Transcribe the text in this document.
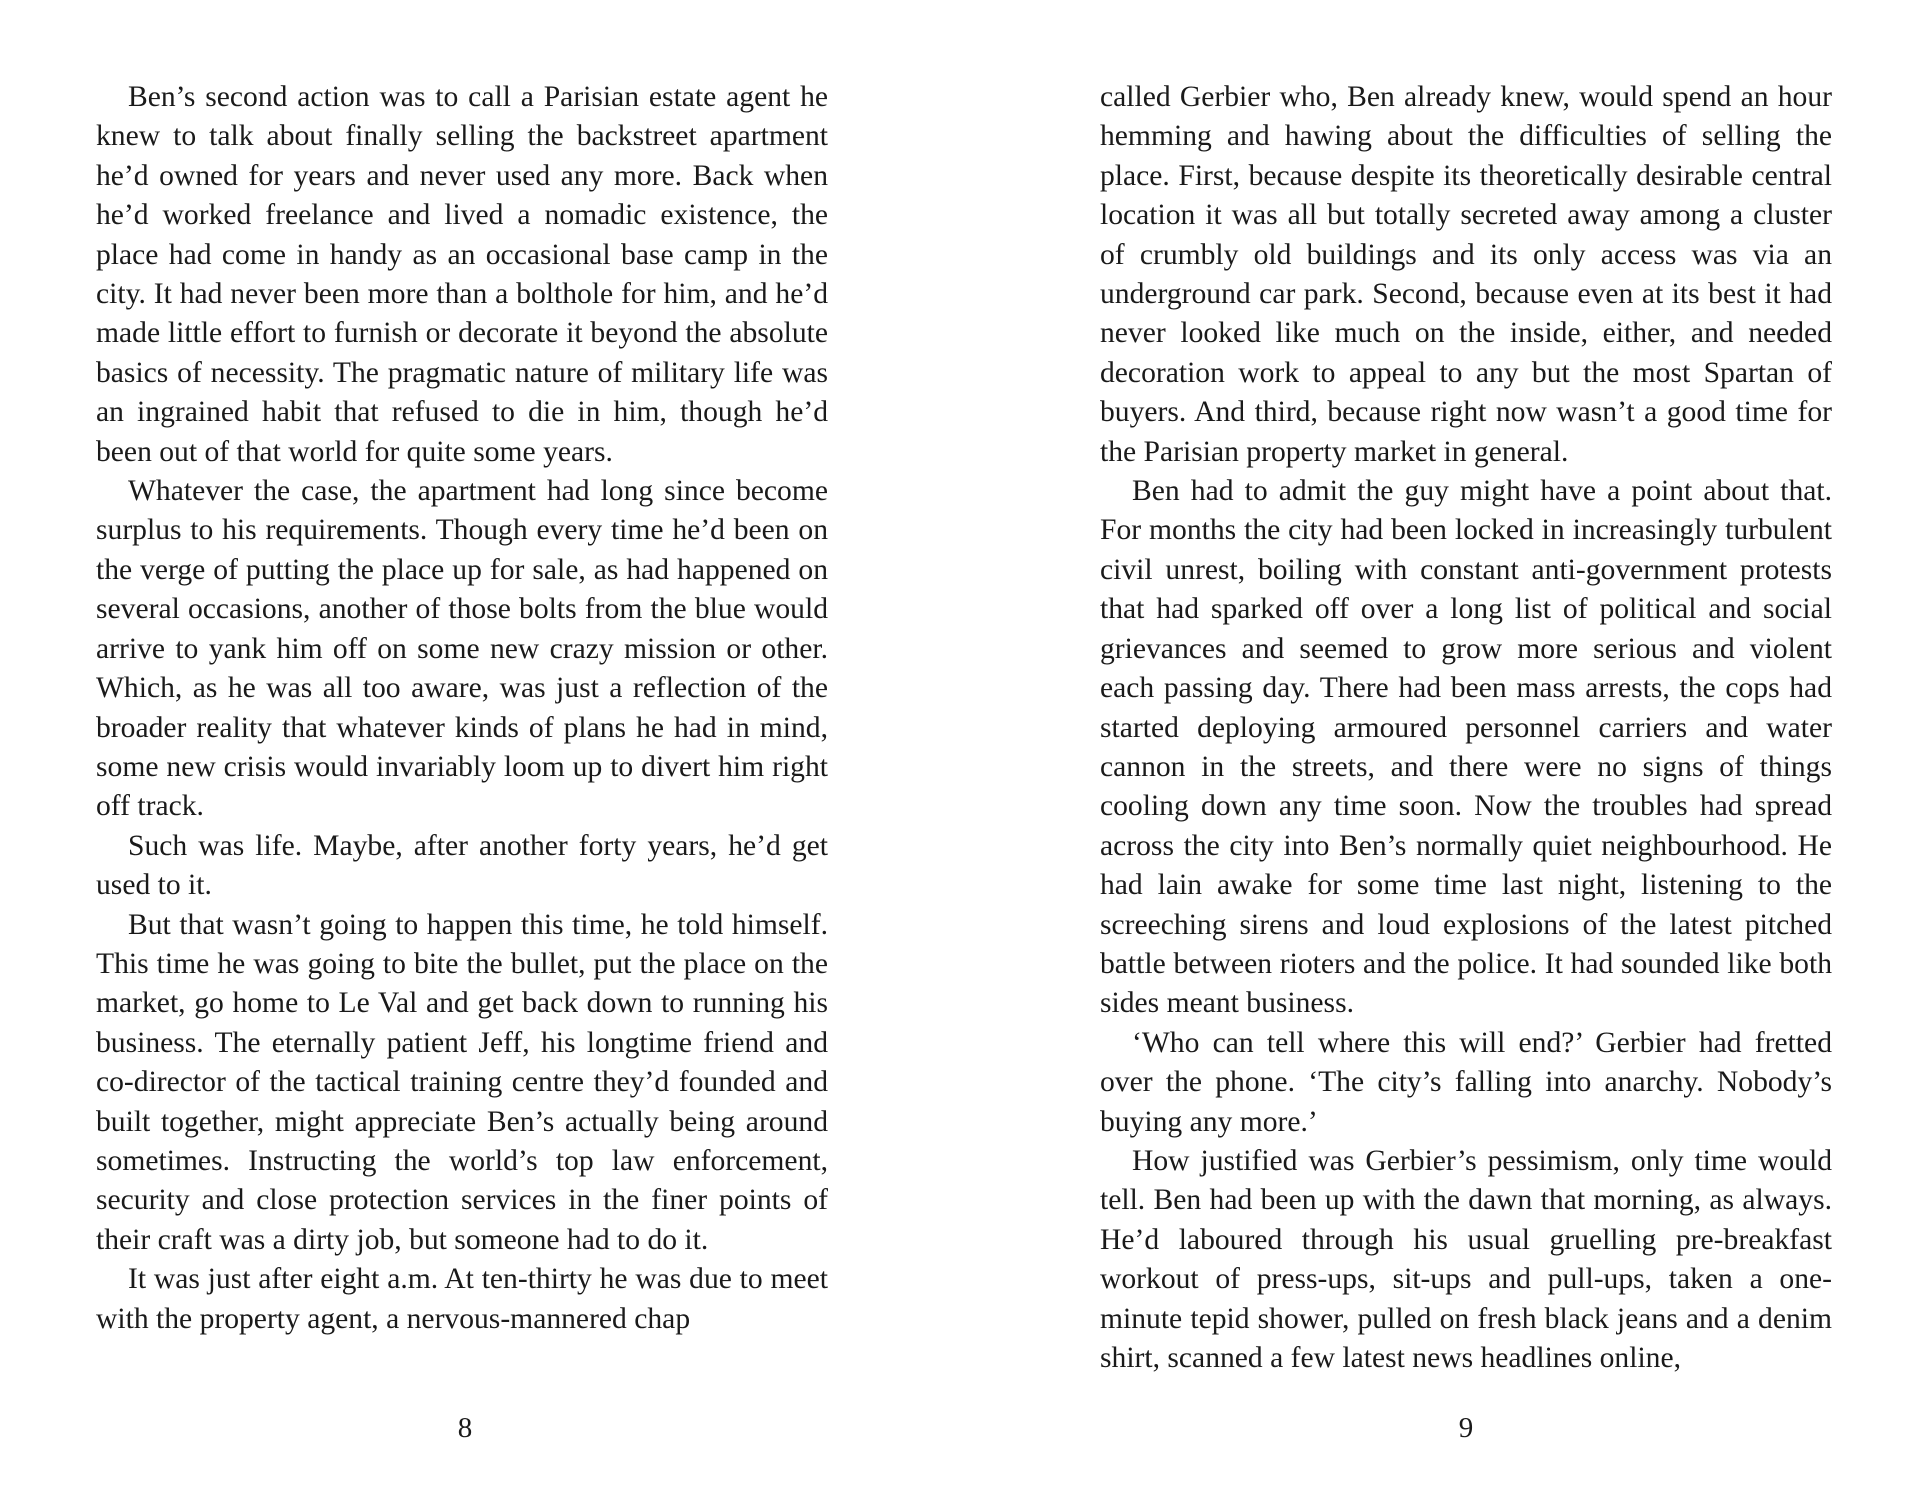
Ben’s second action was to call a Parisian estate agent he knew to talk about finally selling the backstreet apartment he’d owned for years and never used any more. Back when he’d worked freelance and lived a nomadic existence, the place had come in handy as an occasional base camp in the city. It had never been more than a bolthole for him, and he’d made little effort to furnish or decorate it beyond the absolute basics of necessity. The pragmatic nature of military life was an ingrained habit that refused to die in him, though he’d been out of that world for quite some years.

Whatever the case, the apartment had long since become surplus to his requirements. Though every time he’d been on the verge of putting the place up for sale, as had happened on several occasions, another of those bolts from the blue would arrive to yank him off on some new crazy mission or other. Which, as he was all too aware, was just a reflection of the broader reality that whatever kinds of plans he had in mind, some new crisis would invariably loom up to divert him right off track.

Such was life. Maybe, after another forty years, he’d get used to it.

But that wasn’t going to happen this time, he told himself. This time he was going to bite the bullet, put the place on the market, go home to Le Val and get back down to running his business. The eternally patient Jeff, his longtime friend and co-director of the tactical training centre they’d founded and built together, might appreciate Ben’s actually being around sometimes. Instructing the world’s top law enforcement, security and close protection services in the finer points of their craft was a dirty job, but someone had to do it.

It was just after eight a.m. At ten-thirty he was due to meet with the property agent, a nervous-mannered chap

8

called Gerbier who, Ben already knew, would spend an hour hemming and hawing about the difficulties of selling the place. First, because despite its theoretically desirable central location it was all but totally secreted away among a cluster of crumbly old buildings and its only access was via an underground car park. Second, because even at its best it had never looked like much on the inside, either, and needed decoration work to appeal to any but the most Spartan of buyers. And third, because right now wasn’t a good time for the Parisian property market in general.

Ben had to admit the guy might have a point about that. For months the city had been locked in increasingly turbulent civil unrest, boiling with constant anti-government protests that had sparked off over a long list of political and social grievances and seemed to grow more serious and violent each passing day. There had been mass arrests, the cops had started deploying armoured personnel carriers and water cannon in the streets, and there were no signs of things cooling down any time soon. Now the troubles had spread across the city into Ben’s normally quiet neighbourhood. He had lain awake for some time last night, listening to the screeching sirens and loud explosions of the latest pitched battle between rioters and the police. It had sounded like both sides meant business.

‘Who can tell where this will end?’ Gerbier had fretted over the phone. ‘The city’s falling into anarchy. Nobody’s buying any more.’

How justified was Gerbier’s pessimism, only time would tell. Ben had been up with the dawn that morning, as always. He’d laboured through his usual gruelling pre-breakfast workout of press-ups, sit-ups and pull-ups, taken a one-minute tepid shower, pulled on fresh black jeans and a denim shirt, scanned a few latest news headlines online,

9
